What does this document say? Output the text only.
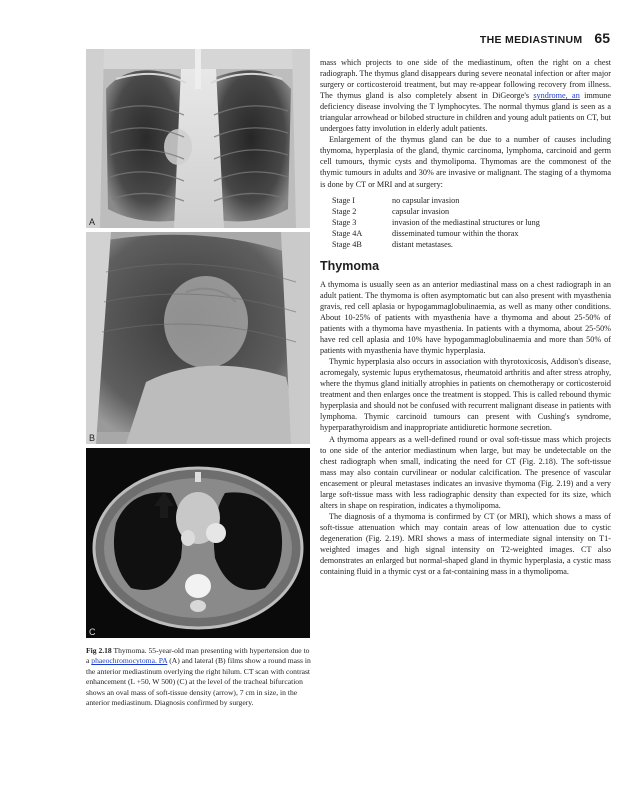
THE MEDIASTINUM 65
A
B
C
Fig 2.18 Thymoma. 55-year-old man presenting with hypertension due to a phaeochromocytoma. PA (A) and lateral (B) films show a round mass in the anterior mediastinum overlying the right hilum. CT scan with contrast enhancement (L +50, W 500) (C) at the level of the tracheal bifurcation shows an oval mass of soft-tissue density (arrow), 7 cm in size, in the anterior mediastinum. Diagnosis confirmed by surgery.

mass which projects to one side of the mediastinum, often the right on a chest radiograph. The thymus gland disappears during severe neonatal infection or after major surgery or corticosteroid treatment, but may re-appear following recovery from illness. The thymus gland is also completely absent in DiGeorge's syndrome, an immune deficiency disease involving the T lymphocytes. The normal thymus gland is seen as a triangular arrowhead or bilobed structure in children and young adult patients on CT, but undergoes fatty involution in elderly adult patients.

Enlargement of the thymus gland can be due to a number of causes including thymoma, hyperplasia of the gland, thymic carcinoma, lymphoma, carcinoid and germ cell tumours, thymic cysts and thymolipoma. Thymomas are the commonest of the thymic tumours in adults and 30% are invasive or malignant. The staging of a thymoma is done by CT or MRI and at surgery:

Stage I	no capsular invasion
Stage 2	capsular invasion
Stage 3	invasion of the mediastinal structures or lung
Stage 4A	disseminated tumour within the thorax
Stage 4B	distant metastases.
Thymoma

A thymoma is usually seen as an anterior mediastinal mass on a chest radiograph in an adult patient. The thymoma is often asymptomatic but can also present with myasthenia gravis, red cell aplasia or hypogammaglobulinaemia, as well as many other conditions. About 10-25% of patients with myasthenia have a thymoma and about 25-50% of patients with a thymoma have myasthenia. In patients with a thymoma, about 25-50% have red cell aplasia and 10% have hypogammaglobulinaemia and more than 50% of patients with myasthenia have thymic hyperplasia.

Thymic hyperplasia also occurs in association with thyrotoxicosis, Addison's disease, acromegaly, systemic lupus erythematosus, rheumatoid arthritis and after stress atrophy, where the thymus gland initially atrophies in patients on chemotherapy or corticosteroid treatment and then enlarges once the treatment is stopped. This is called rebound thymic hyperplasia and should not be confused with recurrent malignant disease in patients with lymphoma. Thymic carcinoid tumours can present with Cushing's syndrome, hyperparathyroidism and inappropriate antidiuretic hormone secretion.

A thymoma appears as a well-defined round or oval soft-tissue mass which projects to one side of the anterior mediastinum when large, but may be undetectable on the chest radiograph when small, indicating the need for CT (Fig. 2.18). The soft-tissue mass may also contain curvilinear or nodular calcification. The presence of vascular encasement or pleural metastases indicates an invasive thymoma (Fig. 2.19) and a very large soft-tissue mass with less radiographic density than expected for its size, which alters in shape on respiration, indicates a thymolipoma.

The diagnosis of a thymoma is confirmed by CT (or MRI), which shows a mass of soft-tissue attenuation which may contain areas of low attenuation due to cystic degeneration (Fig. 2.19). MRI shows a mass of intermediate signal intensity on T1-weighted images and high signal intensity on T2-weighted images. CT also demonstrates an enlarged but normal-shaped gland in thymic hyperplasia, a cystic mass containing fluid in a thymic cyst or a fat-containing mass in a thymolipoma.
